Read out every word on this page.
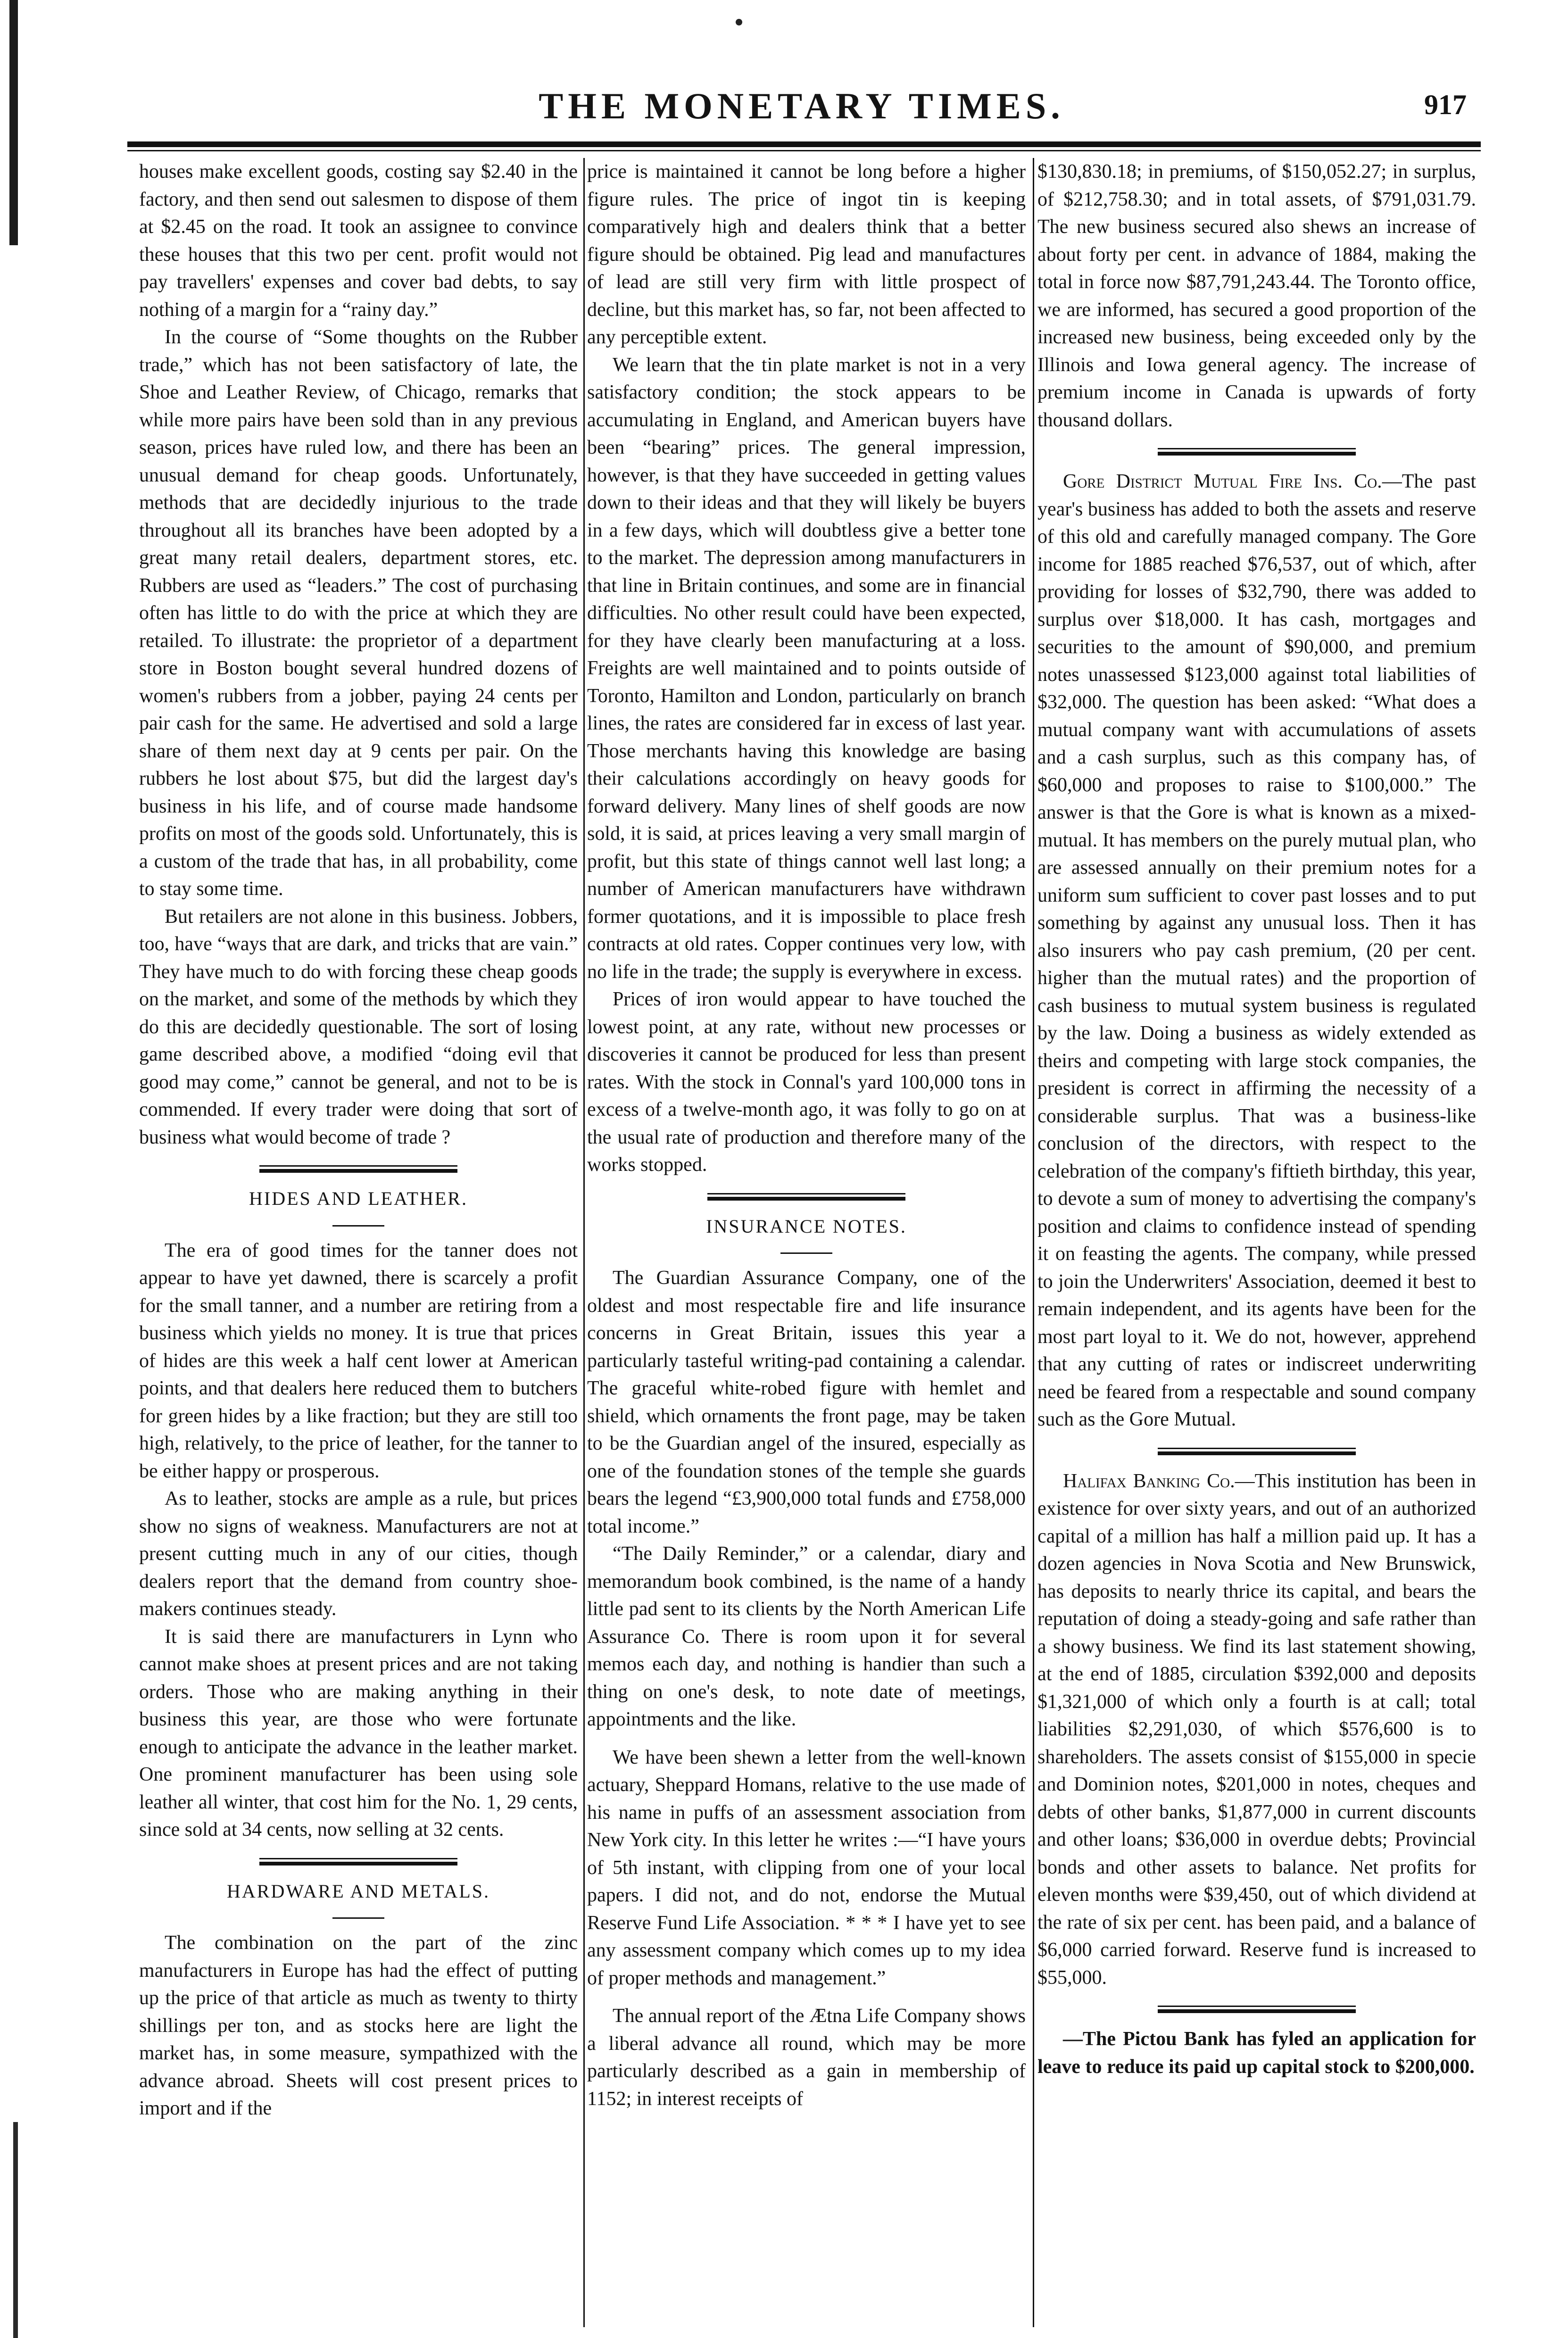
THE MONETARY TIMES.	917

houses make excellent goods, costing say $2.40 in the factory, and then send out salesmen to dispose of them at $2.45 on the road. It took an assignee to convince these houses that this two per cent. profit would not pay travellers' expenses and cover bad debts, to say nothing of a margin for a “rainy day.”

In the course of “Some thoughts on the Rubber trade,” which has not been satisfactory of late, the Shoe and Leather Review, of Chicago, remarks that while more pairs have been sold than in any previous season, prices have ruled low, and there has been an unusual demand for cheap goods. Unfortunately, methods that are decidedly injurious to the trade throughout all its branches have been adopted by a great many retail dealers, department stores, etc. Rubbers are used as “leaders.” The cost of purchasing often has little to do with the price at which they are retailed. To illustrate: the proprietor of a department store in Boston bought several hundred dozens of women's rubbers from a jobber, paying 24 cents per pair cash for the same. He advertised and sold a large share of them next day at 9 cents per pair. On the rubbers he lost about $75, but did the largest day's business in his life, and of course made handsome profits on most of the goods sold. Unfortunately, this is a custom of the trade that has, in all probability, come to stay some time.

But retailers are not alone in this business. Jobbers, too, have “ways that are dark, and tricks that are vain.” They have much to do with forcing these cheap goods on the market, and some of the methods by which they do this are decidedly questionable. The sort of losing game described above, a modified “doing evil that good may come,” cannot be general, and not to be is commended. If every trader were doing that sort of business what would become of trade ?

HIDES AND LEATHER.

The era of good times for the tanner does not appear to have yet dawned, there is scarcely a profit for the small tanner, and a number are retiring from a business which yields no money. It is true that prices of hides are this week a half cent lower at American points, and that dealers here reduced them to butchers for green hides by a like fraction; but they are still too high, relatively, to the price of leather, for the tanner to be either happy or prosperous.

As to leather, stocks are ample as a rule, but prices show no signs of weakness. Manufacturers are not at present cutting much in any of our cities, though dealers report that the demand from country shoe-makers continues steady.

It is said there are manufacturers in Lynn who cannot make shoes at present prices and are not taking orders. Those who are making anything in their business this year, are those who were fortunate enough to anticipate the advance in the leather market. One prominent manufacturer has been using sole leather all winter, that cost him for the No. 1, 29 cents, since sold at 34 cents, now selling at 32 cents.

HARDWARE AND METALS.

The combination on the part of the zinc manufacturers in Europe has had the effect of putting up the price of that article as much as twenty to thirty shillings per ton, and as stocks here are light the market has, in some measure, sympathized with the advance abroad. Sheets will cost present prices to import and if the

price is maintained it cannot be long before a higher figure rules. The price of ingot tin is keeping comparatively high and dealers think that a better figure should be obtained. Pig lead and manufactures of lead are still very firm with little prospect of decline, but this market has, so far, not been affected to any perceptible extent.

We learn that the tin plate market is not in a very satisfactory condition; the stock appears to be accumulating in England, and American buyers have been “bearing” prices. The general impression, however, is that they have succeeded in getting values down to their ideas and that they will likely be buyers in a few days, which will doubtless give a better tone to the market. The depression among manufacturers in that line in Britain continues, and some are in financial difficulties. No other result could have been expected, for they have clearly been manufacturing at a loss. Freights are well maintained and to points outside of Toronto, Hamilton and London, particularly on branch lines, the rates are considered far in excess of last year. Those merchants having this knowledge are basing their calculations accordingly on heavy goods for forward delivery. Many lines of shelf goods are now sold, it is said, at prices leaving a very small margin of profit, but this state of things cannot well last long; a number of American manufacturers have withdrawn former quotations, and it is impossible to place fresh contracts at old rates. Copper continues very low, with no life in the trade; the supply is everywhere in excess.

Prices of iron would appear to have touched the lowest point, at any rate, without new processes or discoveries it cannot be produced for less than present rates. With the stock in Connal's yard 100,000 tons in excess of a twelve-month ago, it was folly to go on at the usual rate of production and therefore many of the works stopped.

INSURANCE NOTES.

The Guardian Assurance Company, one of the oldest and most respectable fire and life insurance concerns in Great Britain, issues this year a particularly tasteful writing-pad containing a calendar. The graceful white-robed figure with hemlet and shield, which ornaments the front page, may be taken to be the Guardian angel of the insured, especially as one of the foundation stones of the temple she guards bears the legend “£3,900,000 total funds and £758,000 total income.”

“The Daily Reminder,” or a calendar, diary and memorandum book combined, is the name of a handy little pad sent to its clients by the North American Life Assurance Co. There is room upon it for several memos each day, and nothing is handier than such a thing on one's desk, to note date of meetings, appointments and the like.

We have been shewn a letter from the well-known actuary, Sheppard Homans, relative to the use made of his name in puffs of an assessment association from New York city. In this letter he writes :—“I have yours of 5th instant, with clipping from one of your local papers. I did not, and do not, endorse the Mutual Reserve Fund Life Association. * * * I have yet to see any assessment company which comes up to my idea of proper methods and management.”

The annual report of the Ætna Life Company shows a liberal advance all round, which may be more particularly described as a gain in membership of 1152; in interest receipts of

$130,830.18; in premiums, of $150,052.27; in surplus, of $212,758.30; and in total assets, of $791,031.79. The new business secured also shews an increase of about forty per cent. in advance of 1884, making the total in force now $87,791,243.44. The Toronto office, we are informed, has secured a good proportion of the increased new business, being exceeded only by the Illinois and Iowa general agency. The increase of premium income in Canada is upwards of forty thousand dollars.

Gore District Mutual Fire Ins. Co.—The past year's business has added to both the assets and reserve of this old and carefully managed company. The Gore income for 1885 reached $76,537, out of which, after providing for losses of $32,790, there was added to surplus over $18,000. It has cash, mortgages and securities to the amount of $90,000, and premium notes unassessed $123,000 against total liabilities of $32,000. The question has been asked: “What does a mutual company want with accumulations of assets and a cash surplus, such as this company has, of $60,000 and proposes to raise to $100,000.” The answer is that the Gore is what is known as a mixed-mutual. It has members on the purely mutual plan, who are assessed annually on their premium notes for a uniform sum sufficient to cover past losses and to put something by against any unusual loss. Then it has also insurers who pay cash premium, (20 per cent. higher than the mutual rates) and the proportion of cash business to mutual system business is regulated by the law. Doing a business as widely extended as theirs and competing with large stock companies, the president is correct in affirming the necessity of a considerable surplus. That was a business-like conclusion of the directors, with respect to the celebration of the company's fiftieth birthday, this year, to devote a sum of money to advertising the company's position and claims to confidence instead of spending it on feasting the agents. The company, while pressed to join the Underwriters' Association, deemed it best to remain independent, and its agents have been for the most part loyal to it. We do not, however, apprehend that any cutting of rates or indiscreet underwriting need be feared from a respectable and sound company such as the Gore Mutual.

Halifax Banking Co.—This institution has been in existence for over sixty years, and out of an authorized capital of a million has half a million paid up. It has a dozen agencies in Nova Scotia and New Brunswick, has deposits to nearly thrice its capital, and bears the reputation of doing a steady-going and safe rather than a showy business. We find its last statement showing, at the end of 1885, circulation $392,000 and deposits $1,321,000 of which only a fourth is at call; total liabilities $2,291,030, of which $576,600 is to shareholders. The assets consist of $155,000 in specie and Dominion notes, $201,000 in notes, cheques and debts of other banks, $1,877,000 in current discounts and other loans; $36,000 in overdue debts; Provincial bonds and other assets to balance. Net profits for eleven months were $39,450, out of which dividend at the rate of six per cent. has been paid, and a balance of $6,000 carried forward. Reserve fund is increased to $55,000.

—The Pictou Bank has fyled an application for leave to reduce its paid up capital stock to $200,000.
